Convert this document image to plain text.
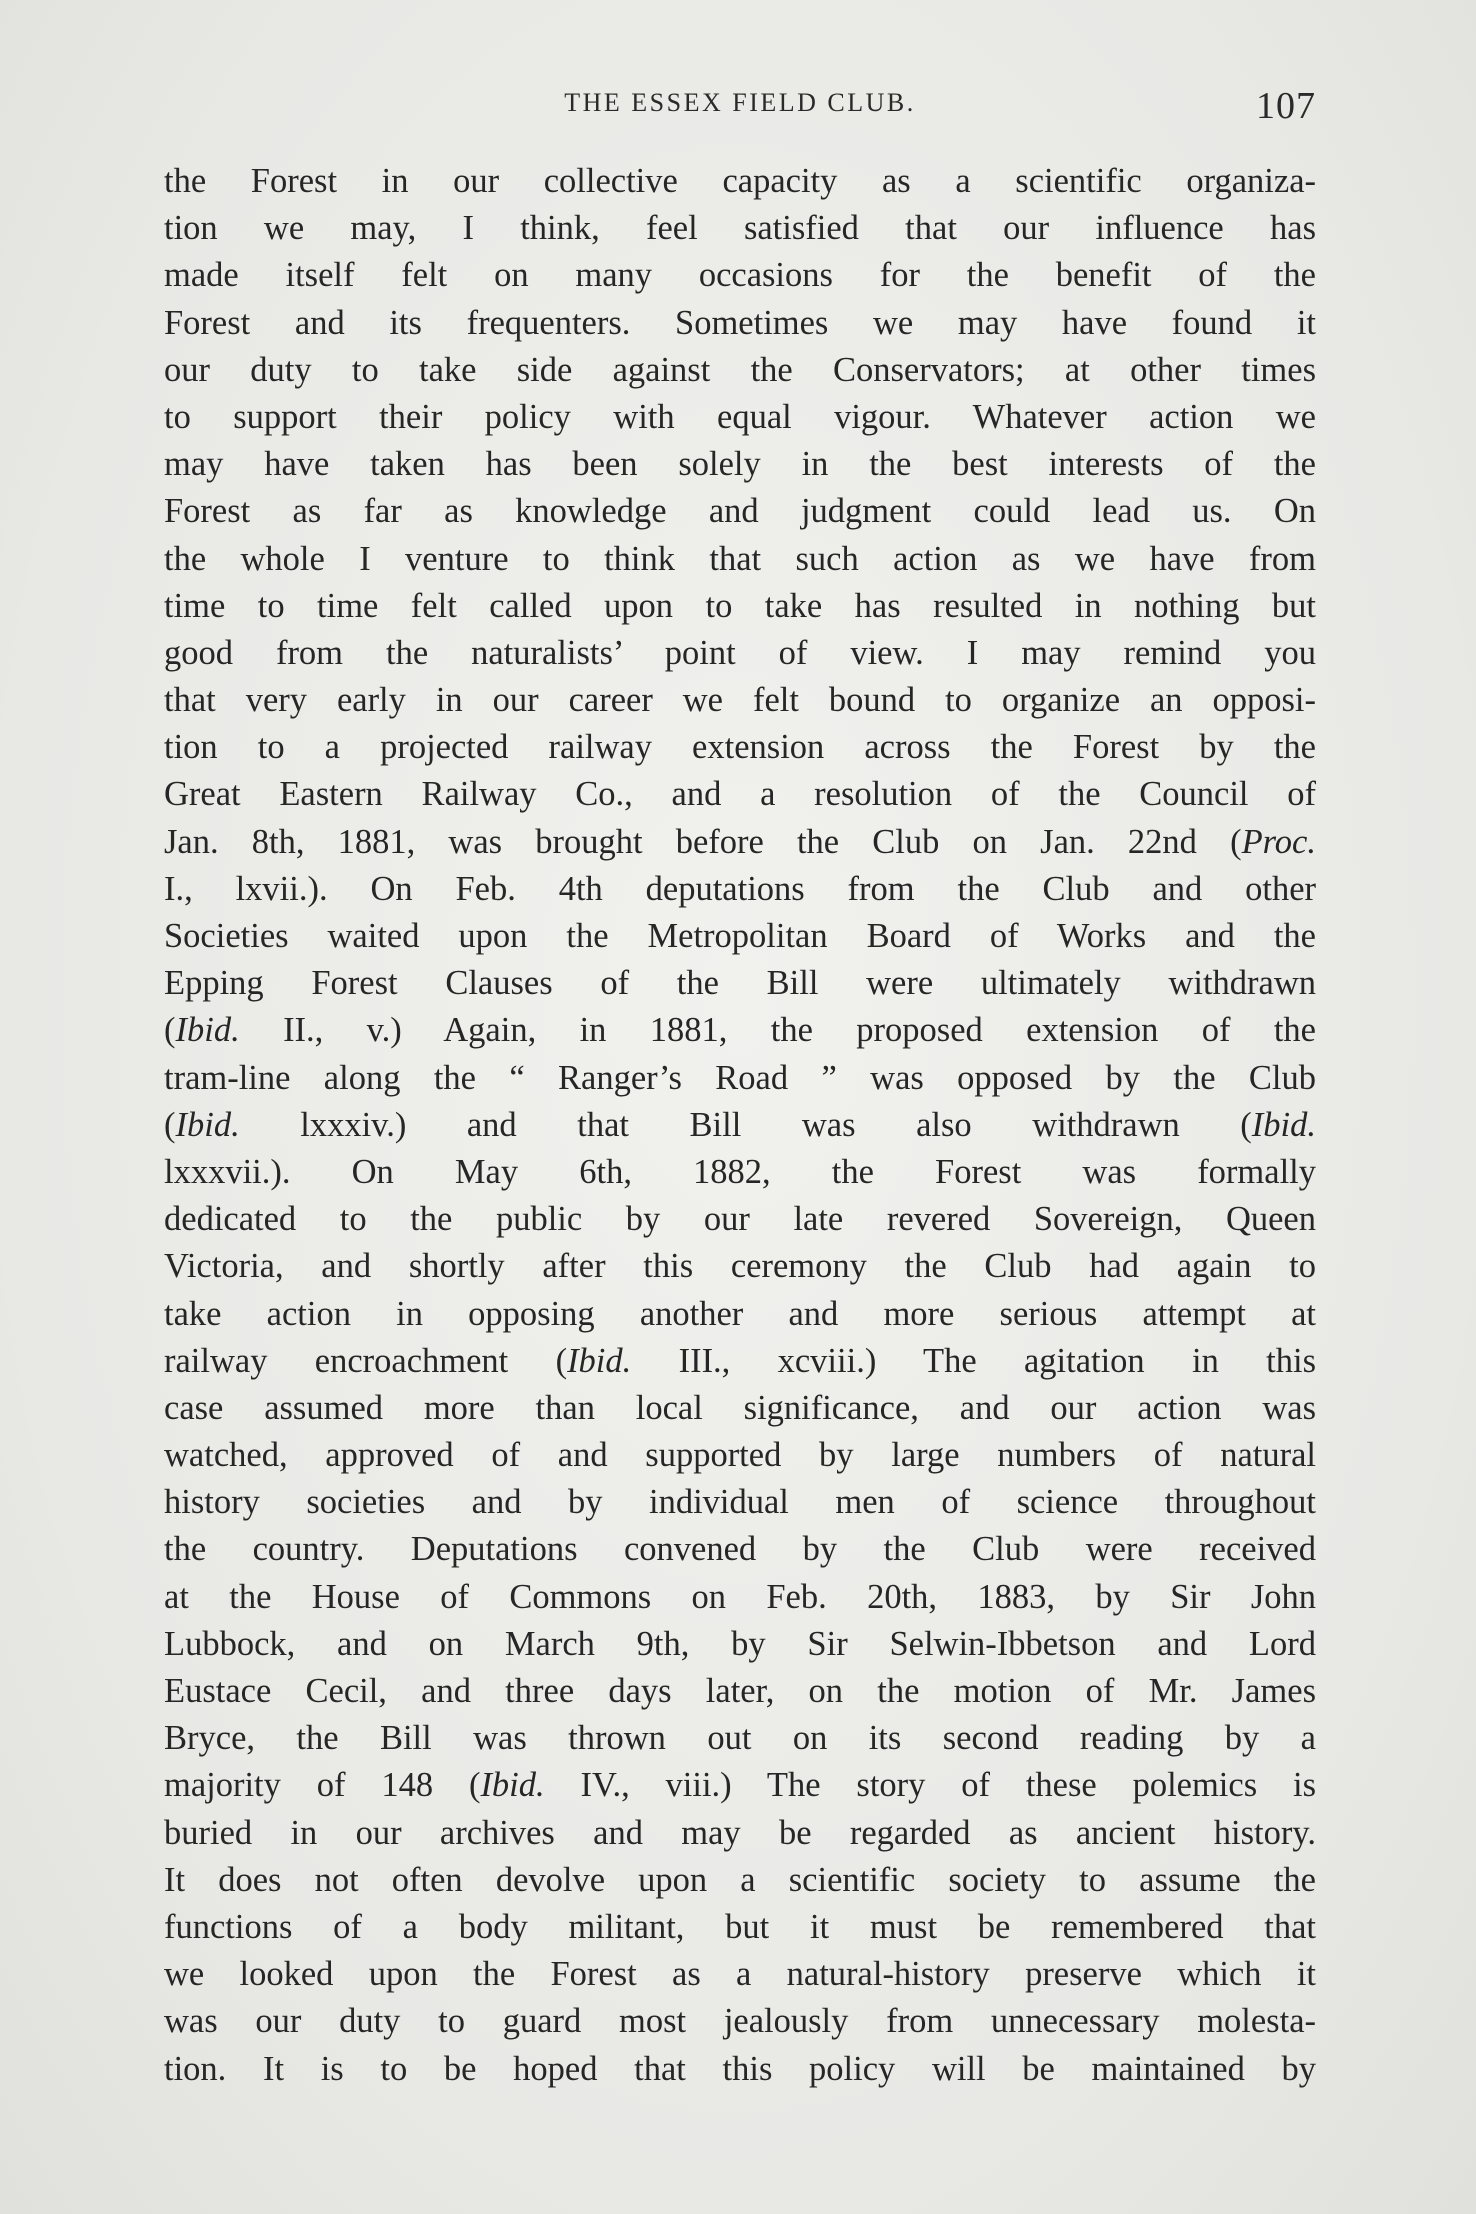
THE ESSEX FIELD CLUB.	107
the Forest in our collective capacity as a scientific organiza-
tion we may, I think, feel satisfied that our influence has
made itself felt on many occasions for the benefit of the
Forest and its frequenters. Sometimes we may have found it
our duty to take side against the Conservators; at other times
to support their policy with equal vigour. Whatever action we
may have taken has been solely in the best interests of the
Forest as far as knowledge and judgment could lead us. On
the whole I venture to think that such action as we have from
time to time felt called upon to take has resulted in nothing but
good from the naturalists’ point of view. I may remind you
that very early in our career we felt bound to organize an opposi-
tion to a projected railway extension across the Forest by the
Great Eastern Railway Co., and a resolution of the Council of
Jan. 8th, 1881, was brought before the Club on Jan. 22nd (Proc.
I., lxvii.). On Feb. 4th deputations from the Club and other
Societies waited upon the Metropolitan Board of Works and the
Epping Forest Clauses of the Bill were ultimately withdrawn
(Ibid. II., v.) Again, in 1881, the proposed extension of the
tram-line along the “ Ranger’s Road ” was opposed by the Club
(Ibid. lxxxiv.) and that Bill was also withdrawn (Ibid.
lxxxvii.). On May 6th, 1882, the Forest was formally
dedicated to the public by our late revered Sovereign, Queen
Victoria, and shortly after this ceremony the Club had again to
take action in opposing another and more serious attempt at
railway encroachment (Ibid. III., xcviii.) The agitation in this
case assumed more than local significance, and our action was
watched, approved of and supported by large numbers of natural
history societies and by individual men of science throughout
the country. Deputations convened by the Club were received
at the House of Commons on Feb. 20th, 1883, by Sir John
Lubbock, and on March 9th, by Sir Selwin-Ibbetson and Lord
Eustace Cecil, and three days later, on the motion of Mr. James
Bryce, the Bill was thrown out on its second reading by a
majority of 148 (Ibid. IV., viii.) The story of these polemics is
buried in our archives and may be regarded as ancient history.
It does not often devolve upon a scientific society to assume the
functions of a body militant, but it must be remembered that
we looked upon the Forest as a natural-history preserve which it
was our duty to guard most jealously from unnecessary molesta-
tion. It is to be hoped that this policy will be maintained by
